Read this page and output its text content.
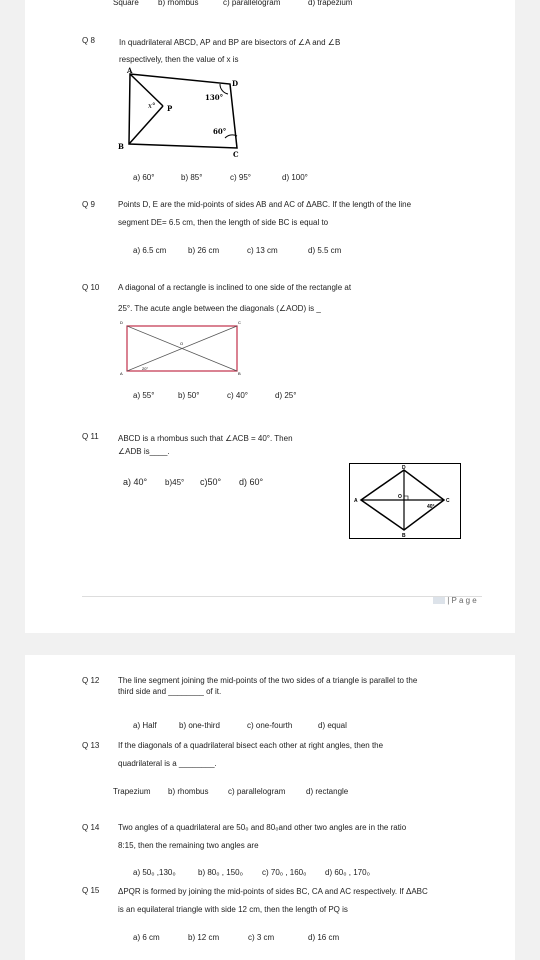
Square b) rhombus	c) parallelogram	d) trapezium
Q 8	In quadrilateral ABCD, AP and BP are bisectors of ∠A and ∠B
respectively, then the value of x is
A
B
C
D
P
x°
130°
60°
a) 60°	b) 85°	c) 95°	d) 100°
Q 9	Points D, E are the mid-points of sides AB and AC of ΔABC. If the length of the line
segment DE= 6.5 cm, then the length of side BC is equal to
a) 6.5 cm	b) 26 cm	c) 13 cm	d) 5.5 cm
Q 10 A diagonal of a rectangle is inclined to one side of the rectangle at
25°. The acute angle between the diagonals (∠AOD) is _
D	C
A	B
O
20°
a) 55°	b) 50°	c) 40°	d) 25°
Q 11 ABCD is a rhombus such that ∠ACB = 40°. Then
∠ADB is____.
a) 40° b)45° c)50° d) 60°
D
A	C
B
O
40°
| P a g e
Q 12 The line segment joining the mid-points of the two sides of a triangle is parallel to the
third side and ________ of it.
a) Half	b) one-third	c) one-fourth	d) equal
Q 13 If the diagonals of a quadrilateral bisect each other at right angles, then the
quadrilateral is a ________.
Trapezium b) rhombus c) parallelogram	d) rectangle
Q 14 Two angles of a quadrilateral are 50₀ and 80₀and other two angles are in the ratio
8:15, then the remaining two angles are
a) 50₀ ,130₀	b) 80₀ , 150₀ c) 70₀ , 160₀ d) 60₀ , 170₀
Q 15 ΔPQR is formed by joining the mid-points of sides BC, CA and AC respectively. If ΔABC
is an equilateral triangle with side 12 cm, then the length of PQ is
a) 6 cm	b) 12 cm	c) 3 cm	d) 16 cm
